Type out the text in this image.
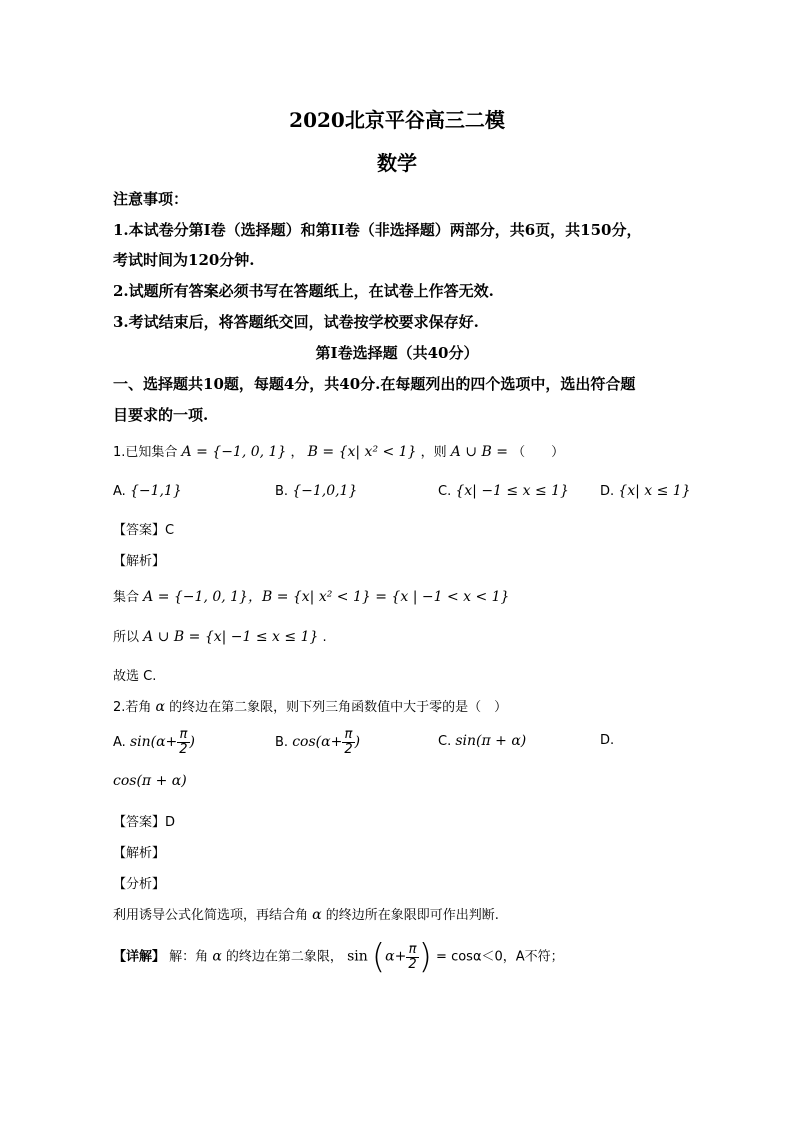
2020北京平谷高三二模
数学
注意事项：
1.本试卷分第I卷（选择题）和第II卷（非选择题）两部分，共6页，共150分，
考试时间为120分钟.
2.试题所有答案必须书写在答题纸上，在试卷上作答无效.
3.考试结束后，将答题纸交回，试卷按学校要求保存好.
第I卷选择题（共40分）
一、选择题共10题，每题4分，共40分.在每题列出的四个选项中，选出符合题
目要求的一项.
1.已知集合 A = {−1, 0, 1} ， B = {x| x² < 1} ，则 A ∪ B = （　　）
A. {−1,1}	B. {−1,0,1}	C. {x| −1 ≤ x ≤ 1} D. {x| x ≤ 1}
【答案】C
【解析】
集合 A = {−1, 0, 1}，B = {x| x² < 1} = {x | −1 < x < 1}
所以 A ∪ B = {x| −1 ≤ x ≤ 1} .
故选 C.
2.若角 α 的终边在第二象限，则下列三角函数值中大于零的是（　）
A. $\sin(\alpha+ \frac{\pi}{2}$ )	B. $\cos(\alpha+ \frac{\pi}{2}$ )	C. sin(π + α)	D.
cos(π + α)
【答案】D
【解析】
【分析】
利用诱导公式化简选项，再结合角 α 的终边所在象限即可作出判断.
【详解】 解：角 α 的终边在第二象限， $\sin (\alpha+ \frac{\pi}{2}$ ) = cosα＜0，A不符；
